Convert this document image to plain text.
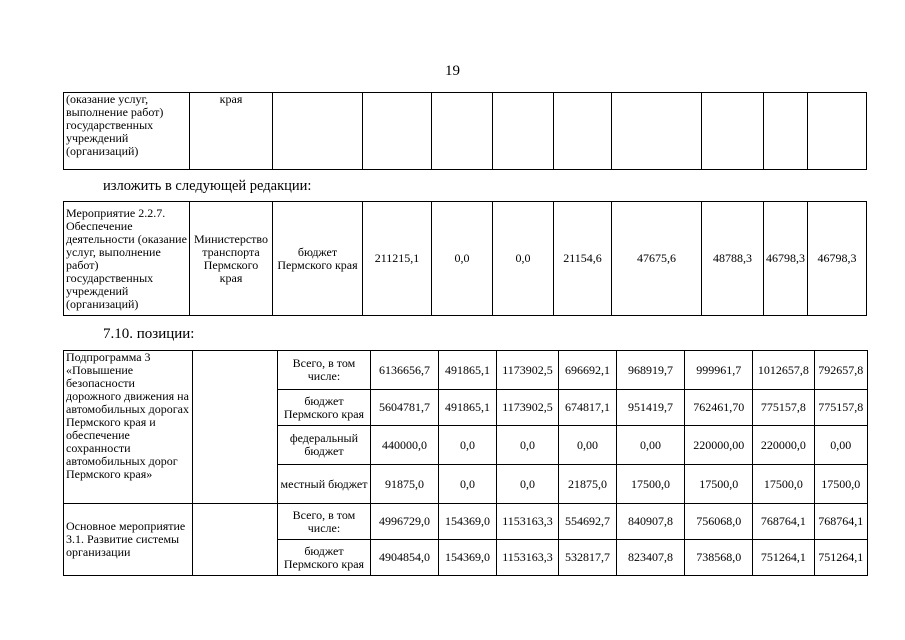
19
(оказание услуг, выполнение работ) государственных учреждений (организаций)	края									
изложить в следующей редакции:
Мероприятие 2.2.7. Обеспечение деятельности (оказание услуг, выполнение работ) государственных учреждений (организаций)	Министерство транспорта Пермского края	бюджет Пермского края	211215,1	0,0	0,0	21154,6	47675,6	48788,3	46798,3	46798,3
7.10. позиции:
Подпрограмма 3 «Повышение безопасности дорожного движения на автомобильных дорогах Пермского края и обеспечение сохранности автомобильных дорог Пермского края»		Всего, в том числе:	6136656,7	491865,1	1173902,5	696692,1	968919,7	999961,7	1012657,8	792657,8
		бюджет Пермского края	5604781,7	491865,1	1173902,5	674817,1	951419,7	762461,70	775157,8	775157,8
		федеральный бюджет	440000,0	0,0	0,0	0,00	0,00	220000,00	220000,0	0,00
		местный бюджет	91875,0	0,0	0,0	21875,0	17500,0	17500,0	17500,0	17500,0
Основное мероприятие 3.1. Развитие системы организации		Всего, в том числе:	4996729,0	154369,0	1153163,3	554692,7	840907,8	756068,0	768764,1	768764,1
		бюджет Пермского края	4904854,0	154369,0	1153163,3	532817,7	823407,8	738568,0	751264,1	751264,1
